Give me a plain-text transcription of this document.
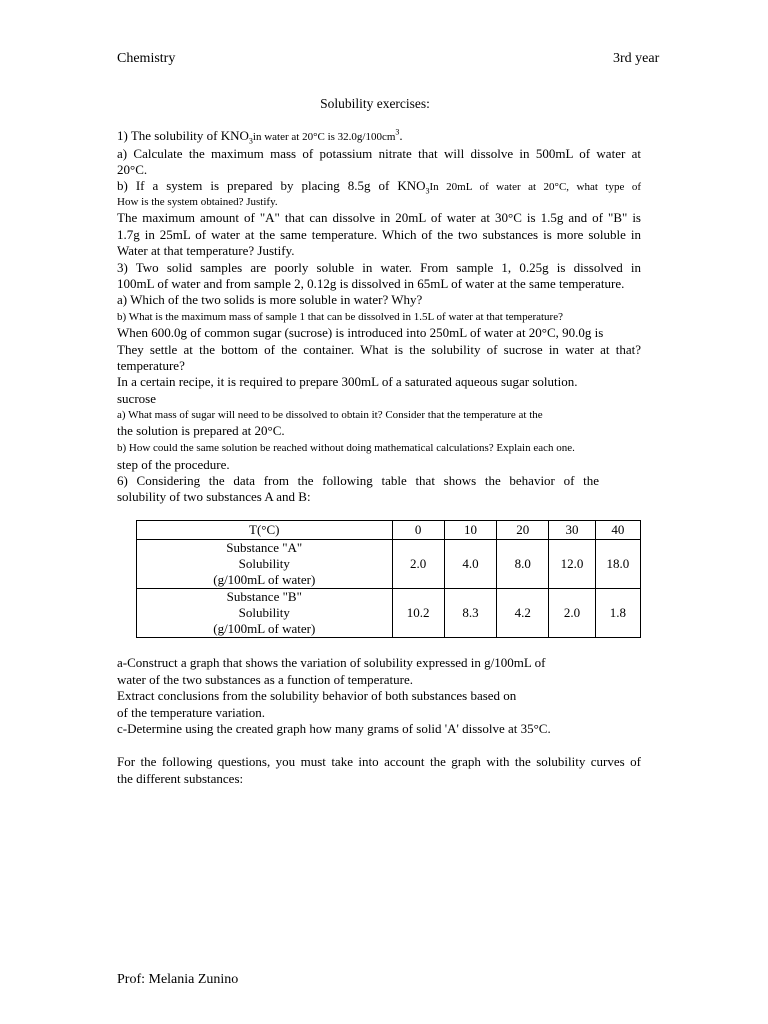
Chemistry	3rd year
Solubility exercises:
1) The solubility of $KNO_3in$ water at 20°C is $32.0g/100cm^3$.
a) Calculate the maximum mass of potassium nitrate that will dissolve in 500mL of water at
20°C.
b) If a system is prepared by placing 8.5g of $KNO_3In$ 20mL of water at 20°C, what type of
How is the system obtained? Justify.
The maximum amount of "A" that can dissolve in 20mL of water at 30°C is 1.5g and of "B" is
1.7g in 25mL of water at the same temperature. Which of the two substances is more soluble in
Water at that temperature? Justify.
3) Two solid samples are poorly soluble in water. From sample 1, 0.25g is dissolved in
100mL of water and from sample 2, 0.12g is dissolved in 65mL of water at the same temperature.
a) Which of the two solids is more soluble in water? Why?
b) What is the maximum mass of sample 1 that can be dissolved in 1.5L of water at that temperature?
When 600.0g of common sugar (sucrose) is introduced into 250mL of water at 20°C, 90.0g is
They settle at the bottom of the container. What is the solubility of sucrose in water at that?
temperature?
In a certain recipe, it is required to prepare 300mL of a saturated aqueous sugar solution.
sucrose
a) What mass of sugar will need to be dissolved to obtain it? Consider that the temperature at the
the solution is prepared at 20°C.
b) How could the same solution be reached without doing mathematical calculations? Explain each one.
step of the procedure.
6) Considering the data from the following table that shows the behavior of the
solubility of two substances A and B:
T(°C)	0	10	20	30	40

Substance "A"
Solubility
(g/100mL of water)	2.0	4.0	8.0	12.0	18.0

Substance "B"
Solubility
(g/100mL of water)	10.2	8.3	4.2	2.0	1.8
a-Construct a graph that shows the variation of solubility expressed in g/100mL of
water of the two substances as a function of temperature.
Extract conclusions from the solubility behavior of both substances based on
of the temperature variation.
c-Determine using the created graph how many grams of solid 'A' dissolve at 35°C.
For the following questions, you must take into account the graph with the solubility curves of
the different substances:
Prof: Melania Zunino
